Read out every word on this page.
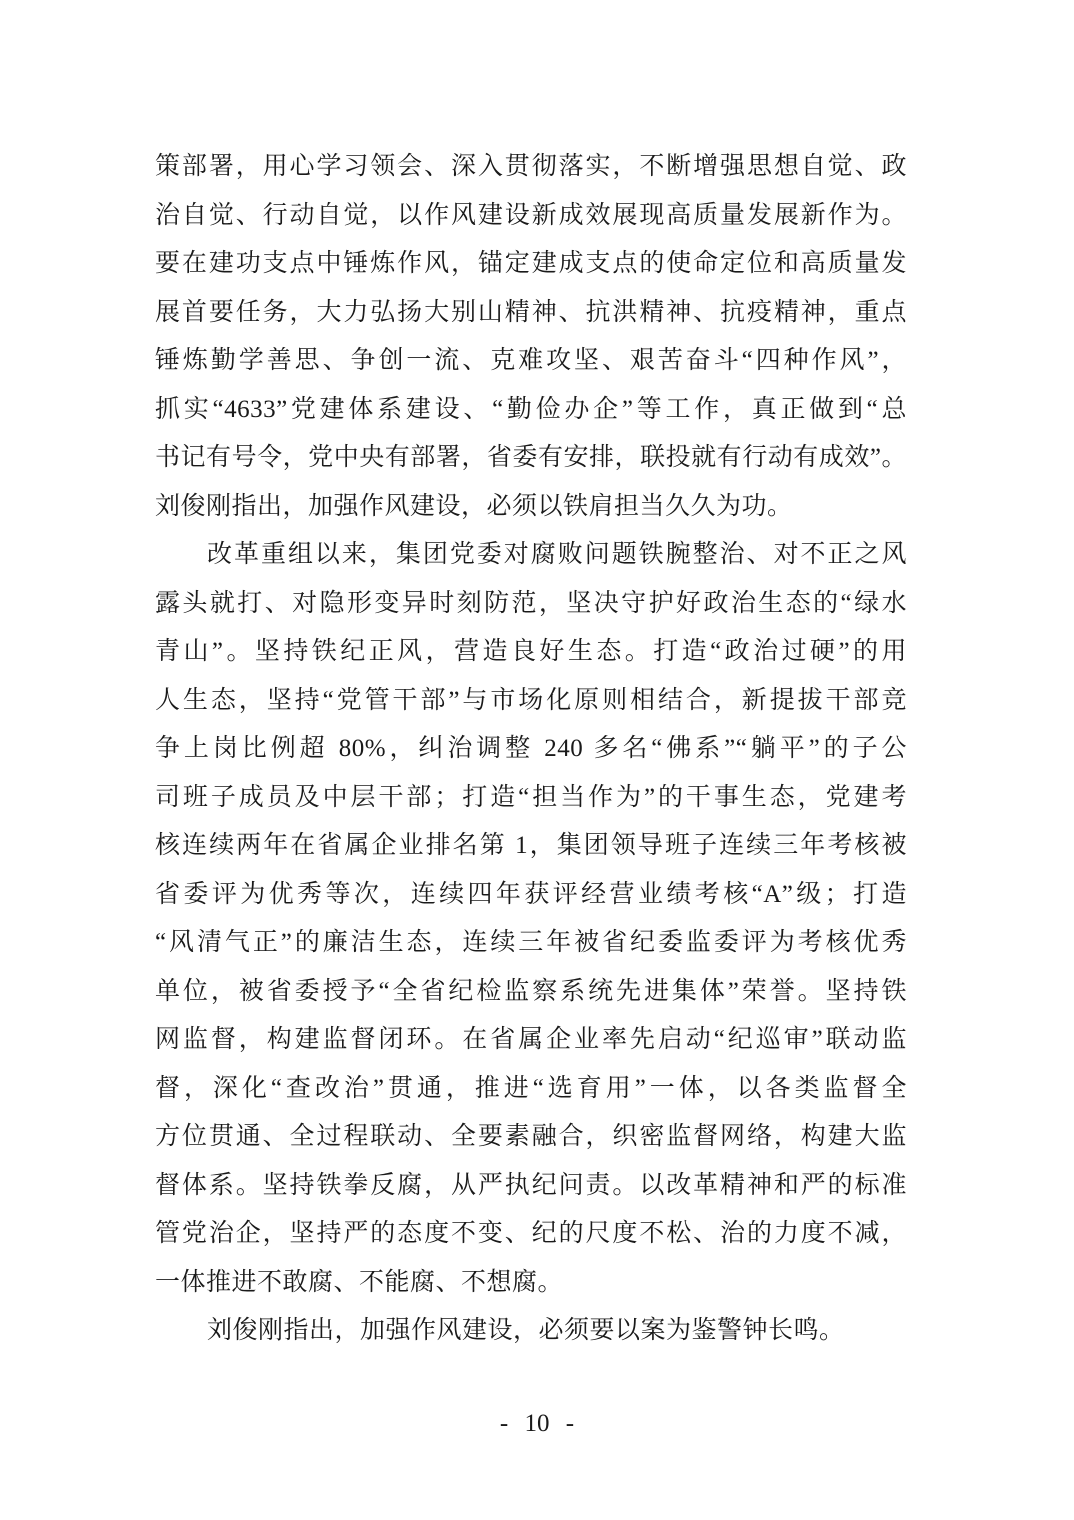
策部署，用心学习领会、深入贯彻落实，不断增强思想自觉、政
治自觉、行动自觉，以作风建设新成效展现高质量发展新作为。
要在建功支点中锤炼作风，锚定建成支点的使命定位和高质量发
展首要任务，大力弘扬大别山精神、抗洪精神、抗疫精神，重点
锤炼勤学善思、争创一流、克难攻坚、艰苦奋斗“四种作风”，
抓实“4633”党建体系建设、“勤俭办企”等工作，真正做到“总
书记有号令，党中央有部署，省委有安排，联投就有行动有成效”。
刘俊刚指出，加强作风建设，必须以铁肩担当久久为功。
改革重组以来，集团党委对腐败问题铁腕整治、对不正之风
露头就打、对隐形变异时刻防范，坚决守护好政治生态的“绿水
青山”。坚持铁纪正风，营造良好生态。打造“政治过硬”的用
人生态，坚持“党管干部”与市场化原则相结合，新提拔干部竞
争上岗比例超 80%，纠治调整 240 多名“佛系”“躺平”的子公
司班子成员及中层干部；打造“担当作为”的干事生态，党建考
核连续两年在省属企业排名第 1，集团领导班子连续三年考核被
省委评为优秀等次，连续四年获评经营业绩考核“A”级；打造
“风清气正”的廉洁生态，连续三年被省纪委监委评为考核优秀
单位，被省委授予“全省纪检监察系统先进集体”荣誉。坚持铁
网监督，构建监督闭环。在省属企业率先启动“纪巡审”联动监
督，深化“查改治”贯通，推进“选育用”一体，以各类监督全
方位贯通、全过程联动、全要素融合，织密监督网络，构建大监
督体系。坚持铁拳反腐，从严执纪问责。以改革精神和严的标准
管党治企，坚持严的态度不变、纪的尺度不松、治的力度不减，
一体推进不敢腐、不能腐、不想腐。
刘俊刚指出，加强作风建设，必须要以案为鉴警钟长鸣。
- 10 -
